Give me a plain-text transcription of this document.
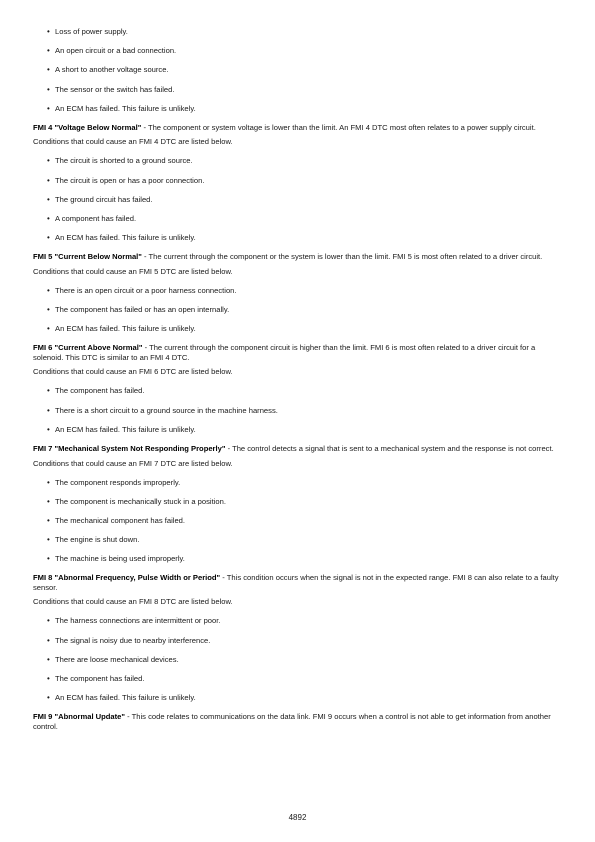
• Loss of power supply.
• An open circuit or a bad connection.
• A short to another voltage source.
• The sensor or the switch has failed.
• An ECM has failed. This failure is unlikely.

FMI 4 "Voltage Below Normal" - The component or system voltage is lower than the limit. An FMI 4 DTC most often relates to a power supply circuit.

Conditions that could cause an FMI 4 DTC are listed below.

• The circuit is shorted to a ground source.
• The circuit is open or has a poor connection.
• The ground circuit has failed.
• A component has failed.
• An ECM has failed. This failure is unlikely.

FMI 5 "Current Below Normal" - The current through the component or the system is lower than the limit. FMI 5 is most often related to a driver circuit.

Conditions that could cause an FMI 5 DTC are listed below.

• There is an open circuit or a poor harness connection.
• The component has failed or has an open internally.
• An ECM has failed. This failure is unlikely.

FMI 6 "Current Above Normal" - The current through the component circuit is higher than the limit. FMI 6 is most often related to a driver circuit for a solenoid. This DTC is similar to an FMI 4 DTC.

Conditions that could cause an FMI 6 DTC are listed below.

• The component has failed.
• There is a short circuit to a ground source in the machine harness.
• An ECM has failed. This failure is unlikely.

FMI 7 "Mechanical System Not Responding Properly" - The control detects a signal that is sent to a mechanical system and the response is not correct.

Conditions that could cause an FMI 7 DTC are listed below.

• The component responds improperly.
• The component is mechanically stuck in a position.
• The mechanical component has failed.
• The engine is shut down.
• The machine is being used improperly.

FMI 8 "Abnormal Frequency, Pulse Width or Period" - This condition occurs when the signal is not in the expected range. FMI 8 can also relate to a faulty sensor.

Conditions that could cause an FMI 8 DTC are listed below.

• The harness connections are intermittent or poor.
• The signal is noisy due to nearby interference.
• There are loose mechanical devices.
• The component has failed.
• An ECM has failed. This failure is unlikely.

FMI 9 "Abnormal Update" - This code relates to communications on the data link. FMI 9 occurs when a control is not able to get information from another control.

4892
